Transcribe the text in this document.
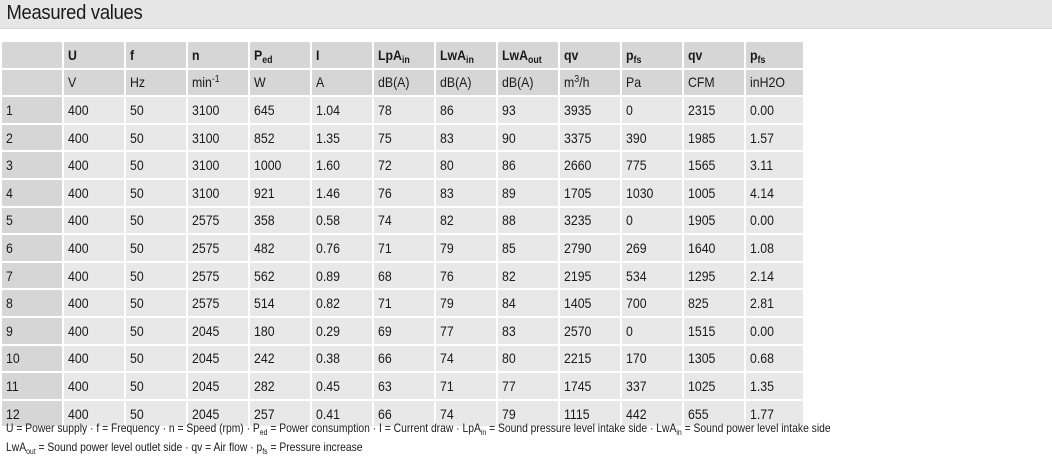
Measured values
	U	f	n	$P_{ed}$	I	LpA$_{in}$	LwA$_{in}$	LwA$_{out}$	qv	$p_{fs}$	qv	$p_{fs}$
	V	Hz	$\min^{-1}$	W	A	dB(A)	dB(A)	dB(A)	$m^3/h$	Pa	CFM	inH2O
1	400	50	3100	645	1.04	78	86	93	3935	0	2315	0.00
2	400	50	3100	852	1.35	75	83	90	3375	390	1985	1.57
3	400	50	3100	1000	1.60	72	80	86	2660	775	1565	3.11
4	400	50	3100	921	1.46	76	83	89	1705	1030	1005	4.14
5	400	50	2575	358	0.58	74	82	88	3235	0	1905	0.00
6	400	50	2575	482	0.76	71	79	85	2790	269	1640	1.08
7	400	50	2575	562	0.89	68	76	82	2195	534	1295	2.14
8	400	50	2575	514	0.82	71	79	84	1405	700	825	2.81
9	400	50	2045	180	0.29	69	77	83	2570	0	1515	0.00
10	400	50	2045	242	0.38	66	74	80	2215	170	1305	0.68
11	400	50	2045	282	0.45	63	71	77	1745	337	1025	1.35
12	400	50	2045	257	0.41	66	74	79	1115	442	655	1.77
U = Power supply · f = Frequency · n = Speed $(rpm) \cdot P_{ed}$ = Power consumption · I = Current draw · LpA$_{in}$ = Sound pressure level intake side · LwA$_{in}$ = Sound power level intake side
LwA$_{out}$ = Sound power level outlet side · qv = Air flow · $p_{fs}$ = Pressure increase
